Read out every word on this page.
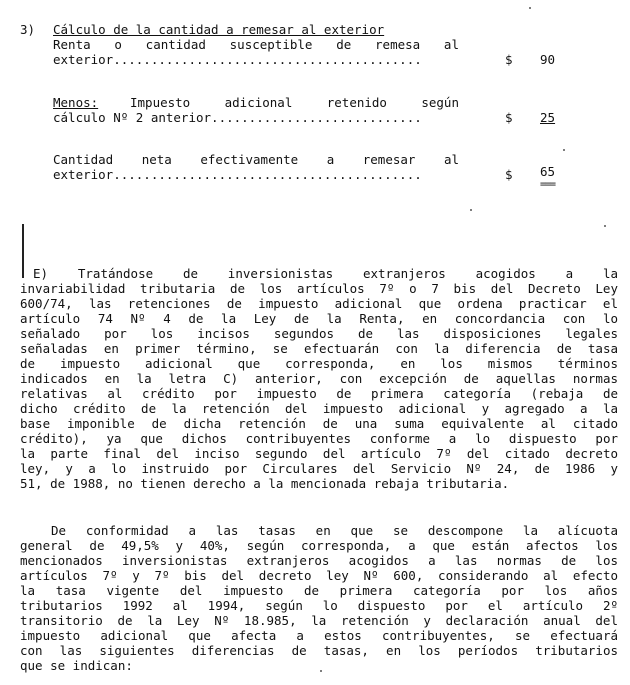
3) Cálculo de la cantidad a remesar al exterior
Renta o cantidad susceptible de remesa al
exterior.........................................	$ 90
Menos:	Impuesto adicional retenido según
cálculo Nº 2 anterior............................	$ 25
Cantidad neta efectivamente a remesar al
exterior.........................................	$ 65
===
E) Tratándose de inversionistas extranjeros acogidos a la
invariabilidad tributaria de los artículos 7º o 7 bis del Decreto Ley
600/74, las retenciones de impuesto adicional que ordena practicar el
artículo 74 Nº 4 de la Ley de la Renta, en concordancia con lo
señalado por los incisos segundos de las disposiciones legales
señaladas en primer término, se efectuarán con la diferencia de tasa
de impuesto adicional que corresponda, en los mismos términos
indicados en la letra C) anterior, con excepción de aquellas normas
relativas al crédito por impuesto de primera categoría (rebaja de
dicho crédito de la retención del impuesto adicional y agregado a la
base imponible de dicha retención de una suma equivalente al citado
crédito), ya que dichos contribuyentes conforme a lo dispuesto por
la parte final del inciso segundo del artículo 7º del citado decreto
ley, y a lo instruido por Circulares del Servicio Nº 24, de 1986 y
51, de 1988, no tienen derecho a la mencionada rebaja tributaria.
De conformidad a las tasas en que se descompone la alícuota
general de 49,5% y 40%, según corresponda, a que están afectos los
mencionados inversionistas extranjeros acogidos a las normas de los
artículos 7º y 7º bis del decreto ley Nº 600, considerando al efecto
la tasa vigente del impuesto de primera categoría por los años
tributarios 1992 al 1994, según lo dispuesto por el artículo 2º
transitorio de la Ley Nº 18.985, la retención y declaración anual del
impuesto adicional que afecta a estos contribuyentes, se efectuará
con las siguientes diferencias de tasas, en los períodos tributarios
que se indican:
